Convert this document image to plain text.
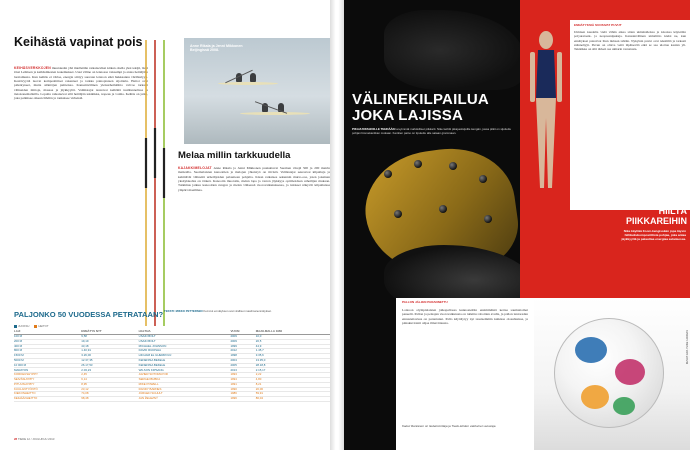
Keihästä vapinat pois
KEIHÄSVERKKOJEN muutoksiin yhä mielletään ratkaiseviksi kitkan ohella yksi tekijä, lisää Ossi Lehtisen ja keihäsmiesten kokemukset. Uusi väline on lennossa vakaampi ja antaa heittäjälle luottamusta. Kun keihäs ei värise, energia siirtyy suoraan lentoon eikä hukkaannu värähtelyyn. Kestävyyttä tuovat komposiittiset rakenteet ja tarkka painopisteen sijoittelu. Heitot ovat pidentyneet, mutta sääntöjen puitteissa. Kansainvälinen yleisurheiluliitto valvoo tarkasti välineiden mittoja, massaa ja jäykkyyttä. Valmistajat testaavat keihäitä tuulitunnelissa ja tietokonemalleilla. Lopulta ratkaisevat silti heittäjän tekniikka, nopeus ja voima. Keihäs on jatke, joka palkitsee oikean lähdön ja rankaisee virheistä.
Anne Rikala ja Jenni Mikkonen Beijingissä 2008.
Melaa millin tarkkuudella
KAJAKKIMELOJAT Anne Rikala ja Jenni Mikkonen puskuttavat Suomen värejä 500 ja 200 metrin matkoilla. Suomalaisten kanoottien ja melojen yhteistyö on tiivistä. Valmistajat seuraavat kilpailuja ja kehittävät välineitä urheilijoiden palautteen pohjalta. Kisan ratkaisee sekunnin murto-osa, joten jokainen yksityiskohta on tärkeä. Kanootin muotoilu, melan lapa ja varren jäykkyys optimoidaan urheilijan mukaan. Tutkimus jatkuu kanoottien rungon ja melan välisessä vuorovaikutuksessa, ja tulokset näkyvät kilpailuissa ympäri maailmaa.
PALJONKO 50 VUODESSA PETRATAAN? TEKSTI: MIKKO PETTERSEN Kerrotut ennätykset ovat viralliset maailmanennätykset.
JUOKSU	HEITOT
LAJI	ENNÄTYS NYT	HALTIJA	VUOSI	MAAILMALLA 1960
100 M	9,58	USAIN BOLT	2009	10,0
200 M	19,19	USAIN BOLT	2009	20,5
400 M	43,18	MICHAEL JOHNSON	1999	44,9
800 M	1.40,91	DAVID RUDISHA	2012	1.45,7
1500 M	3.26,00	HICHAM EL GUERROUJ	1998	3.35,6
5000 M	12.37,35	KENENISA BEKELE	2004	13.35,0
10 000 M	26.17,53	KENENISA BEKELE	2005	28.18,8
MARATON	2.03,23	WILSON KIPSANG	2013	2.15,17
KORKEUSHYPPY	2,45	JAVIER SOTOMAYOR	1993	2,22
SEIVÄSHYPPY	6,14	SERGEI BUBKA	1994	4,80
PITUUSHYPPY	8,95	MIKE POWELL	1991	8,21
KUULANTYÖNTÖ	23,12	RANDY BARNES	1990	20,06
KIEKONHEITTO	74,08	JÜRGEN SCHULT	1986	59,91
KEIHÄÄNHEITTO	98,48	JAN ŽELEZNÝ	1996	86,04
28 TIEDE 12 / JOULUKUU 2013
VÄLINEKILPAILUA JOKA LAJISSA
PIKAJUOKSIJOILLE TEHDÄÄN kevyimmät mahdolliset piikkarit. Nike kehitti pikajuoksijoille kengän, jossa piikit on sijoitettu pohjan biomekaniikan mukaan. Kenkien paino on tiputettu alle sataan grammaan.
ENNÄTYKSIÄ SUOSIVAT PUVUT
Uimisen kaudelta vielä vähän aikaa sitten uimahalleissa ja kisoissa käytettiin polyuretaani- ja neopreenipukuja. Kansainvälinen uimaliitto kielsi ne, kun ennätykset putosivat liian tiuhaan tahtiin. Nykyisin puvut ovat tekstiiliä ja tarkasti säänneltyjä. Puvun on oltava vettä läpäisevää eikä se saa ulottua kaulan yli. Tekniikka on silti tärkeä osa uimarin varustusta.
HIILTÄ PIIKKAREIHIN
Nike käyttää Zoom-kengissään jopa täysin hiilikuitukomposiittista pohjaa, joka antaa jäykkyyttä ja palauttaa energiaa askeleessa.
PALLON JÄLJEN PARANNETTU
Lontoon olympialaisten jalkapallossa kunnostettiin ensimmäistä kertaa saumattomat paneelit. Pallon ja pelaajan vuorovaikutusta on tutkittu robottien avulla, ja pallon lentoradan ennustettavuus on parantunut. Pallo käyttäytyy nyt tasaisemmin kaikissa olosuhteissa, ja pintakuviointi ohjaa ilmavirtausta.
Kalevi Rantanen on tiedetoimittaja ja Tiede-lehden vakituinen avustaja.
KUVAT: EPA / NIKE / ADIDAS
